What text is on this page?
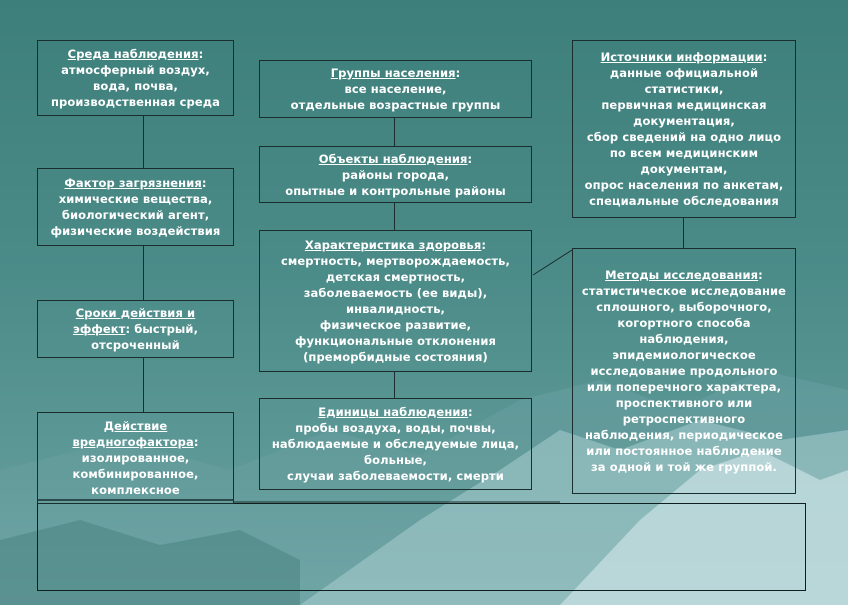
Среда наблюдения:
атмосферный воздух,
вода, почва,
производственная среда
Фактор загрязнения:
химические вещества,
биологический агент,
физические воздействия
Сроки действия и
эффект: быстрый,
отсроченный
Действие
вредногофактора:
изолированное,
комбинированное,
комплексное
Группы населения:
все население,
отдельные возрастные группы
Объекты наблюдения:
районы города,
опытные и контрольные районы
Характеристика здоровья:
смертность, мертворождаемость,
детская смертность,
заболеваемость (ее виды),
инвалидность,
физическое развитие,
функциональные отклонения
(преморбидные состояния)
Единицы наблюдения:
пробы воздуха, воды, почвы,
наблюдаемые и обследуемые лица,
больные,
случаи заболеваемости, смерти
Источники информации:
данные официальной
статистики,
первичная медицинская
документация,
сбор сведений на одно лицо
по всем медицинским
документам,
опрос населения по анкетам,
специальные обследования
Методы исследования:
статистическое исследование
сплошного, выборочного,
когортного способа
наблюдения,
эпидемиологическое
исследование продольного
или поперечного характера,
проспективного или
ретроспективного
наблюдения, периодическое
или постоянное наблюдение
за одной и той же группой.
